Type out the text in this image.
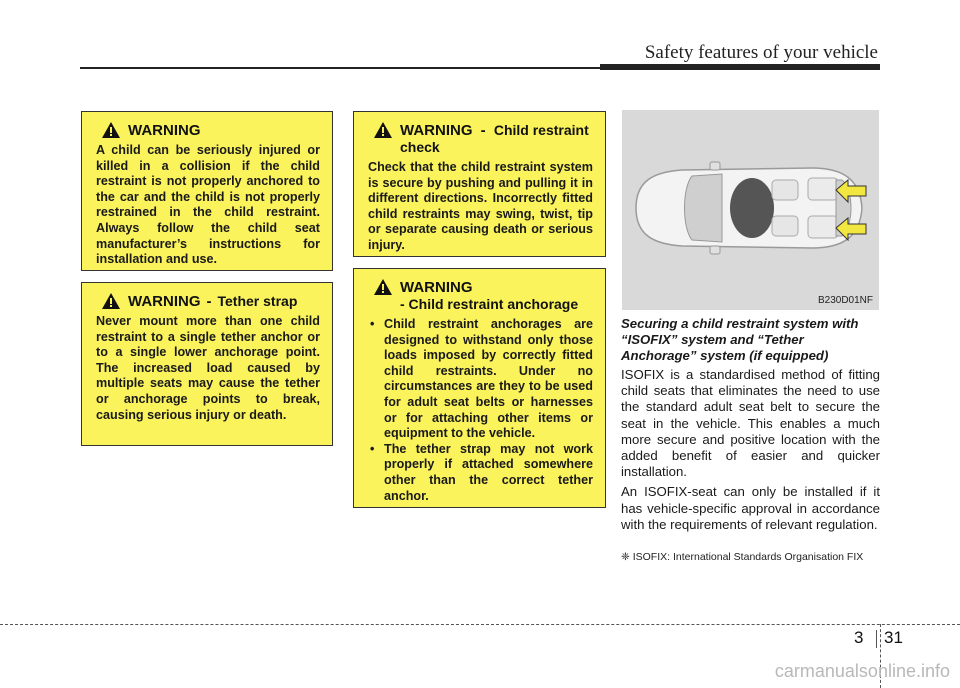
Safety features of your vehicle
WARNING

A child can be seriously injured or killed in a collision if the child restraint is not properly anchored to the car and the child is not properly restrained in the child restraint. Always follow the child seat manufacturer’s instructions for installation and use.

WARNING - Tether strap

Never mount more than one child restraint to a single tether anchor or to a single lower anchorage point. The increased load caused by multiple seats may cause the tether or anchorage points to break, causing serious injury or death.

WARNING - Child restraint check

Check that the child restraint system is secure by pushing and pulling it in different directions. Incorrectly fitted child restraints may swing, twist, tip or separate causing death or serious injury.

WARNING
- Child restraint anchorage
• Child restraint anchorages are designed to withstand only those loads imposed by correctly fitted child restraints. Under no circumstances are they to be used for adult seat belts or harnesses or for attaching other items or equipment to the vehicle.
• The tether strap may not work properly if attached somewhere other than the correct tether anchor.
B230D01NF

Securing a child restraint system with “ISOFIX” system and “Tether Anchorage” system (if equipped)

ISOFIX is a standardised method of fitting child seats that eliminates the need to use the standard adult seat belt to secure the seat in the vehicle. This enables a much more secure and positive location with the added benefit of easier and quicker installation.

An ISOFIX-seat can only be installed if it has vehicle-specific approval in accordance with the requirements of relevant regulation.

❈ ISOFIX: International Standards Organisation FIX
3 31
carmanualsonline.info
